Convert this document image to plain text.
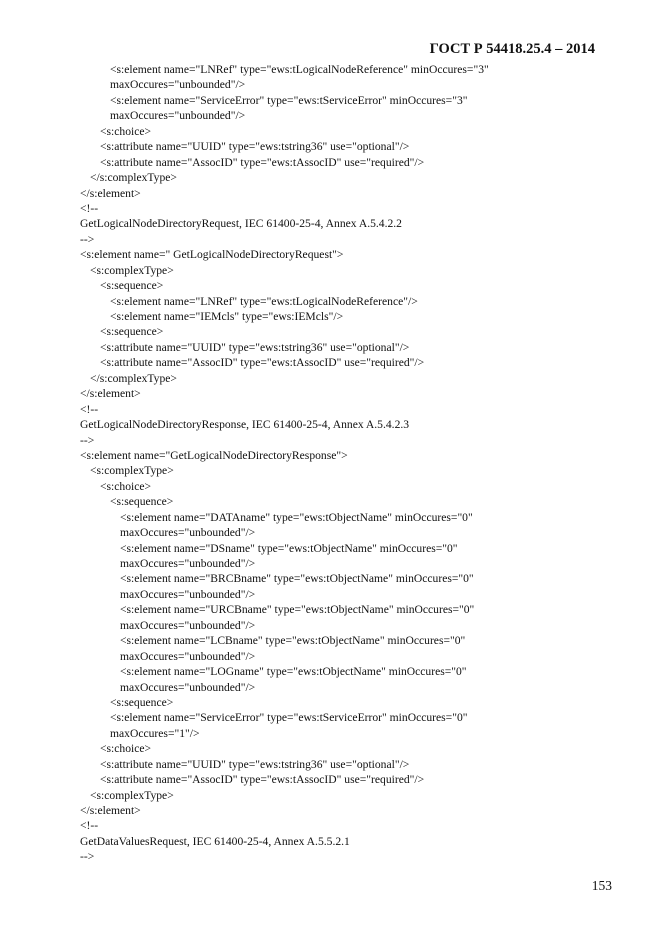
ГОСТ Р 54418.25.4 – 2014
<s:element name="LNRef" type="ews:tLogicalNodeReference" minOccures="3"
maxOccures="unbounded"/>
<s:element name="ServiceError" type="ews:tServiceError" minOccures="3"
maxOccures="unbounded"/>
<s:choice>
<s:attribute name="UUID" type="ews:tstring36" use="optional"/>
<s:attribute name="AssocID" type="ews:tAssocID" use="required"/>
</s:complexType>
</s:element>
<!--
GetLogicalNodeDirectoryRequest, IEC 61400-25-4, Annex A.5.4.2.2
-->
<s:element name=" GetLogicalNodeDirectoryRequest">
<s:complexType>
<s:sequence>
<s:element name="LNRef" type="ews:tLogicalNodeReference"/>
<s:element name="IEMcls" type="ews:IEMcls"/>
<s:sequence>
<s:attribute name="UUID" type="ews:tstring36" use="optional"/>
<s:attribute name="AssocID" type="ews:tAssocID" use="required"/>
</s:complexType>
</s:element>
<!--
GetLogicalNodeDirectoryResponse, IEC 61400-25-4, Annex A.5.4.2.3
-->
<s:element name="GetLogicalNodeDirectoryResponse">
<s:complexType>
<s:choice>
<s:sequence>
<s:element name="DATAname" type="ews:tObjectName" minOccures="0"
maxOccures="unbounded"/>
<s:element name="DSname" type="ews:tObjectName" minOccures="0"
maxOccures="unbounded"/>
<s:element name="BRCBname" type="ews:tObjectName" minOccures="0"
maxOccures="unbounded"/>
<s:element name="URCBname" type="ews:tObjectName" minOccures="0"
maxOccures="unbounded"/>
<s:element name="LCBname" type="ews:tObjectName" minOccures="0"
maxOccures="unbounded"/>
<s:element name="LOGname" type="ews:tObjectName" minOccures="0"
maxOccures="unbounded"/>
<s:sequence>
<s:element name="ServiceError" type="ews:tServiceError" minOccures="0"
maxOccures="1"/>
<s:choice>
<s:attribute name="UUID" type="ews:tstring36" use="optional"/>
<s:attribute name="AssocID" type="ews:tAssocID" use="required"/>
<s:complexType>
</s:element>
<!--
GetDataValuesRequest, IEC 61400-25-4, Annex A.5.5.2.1
-->
153
